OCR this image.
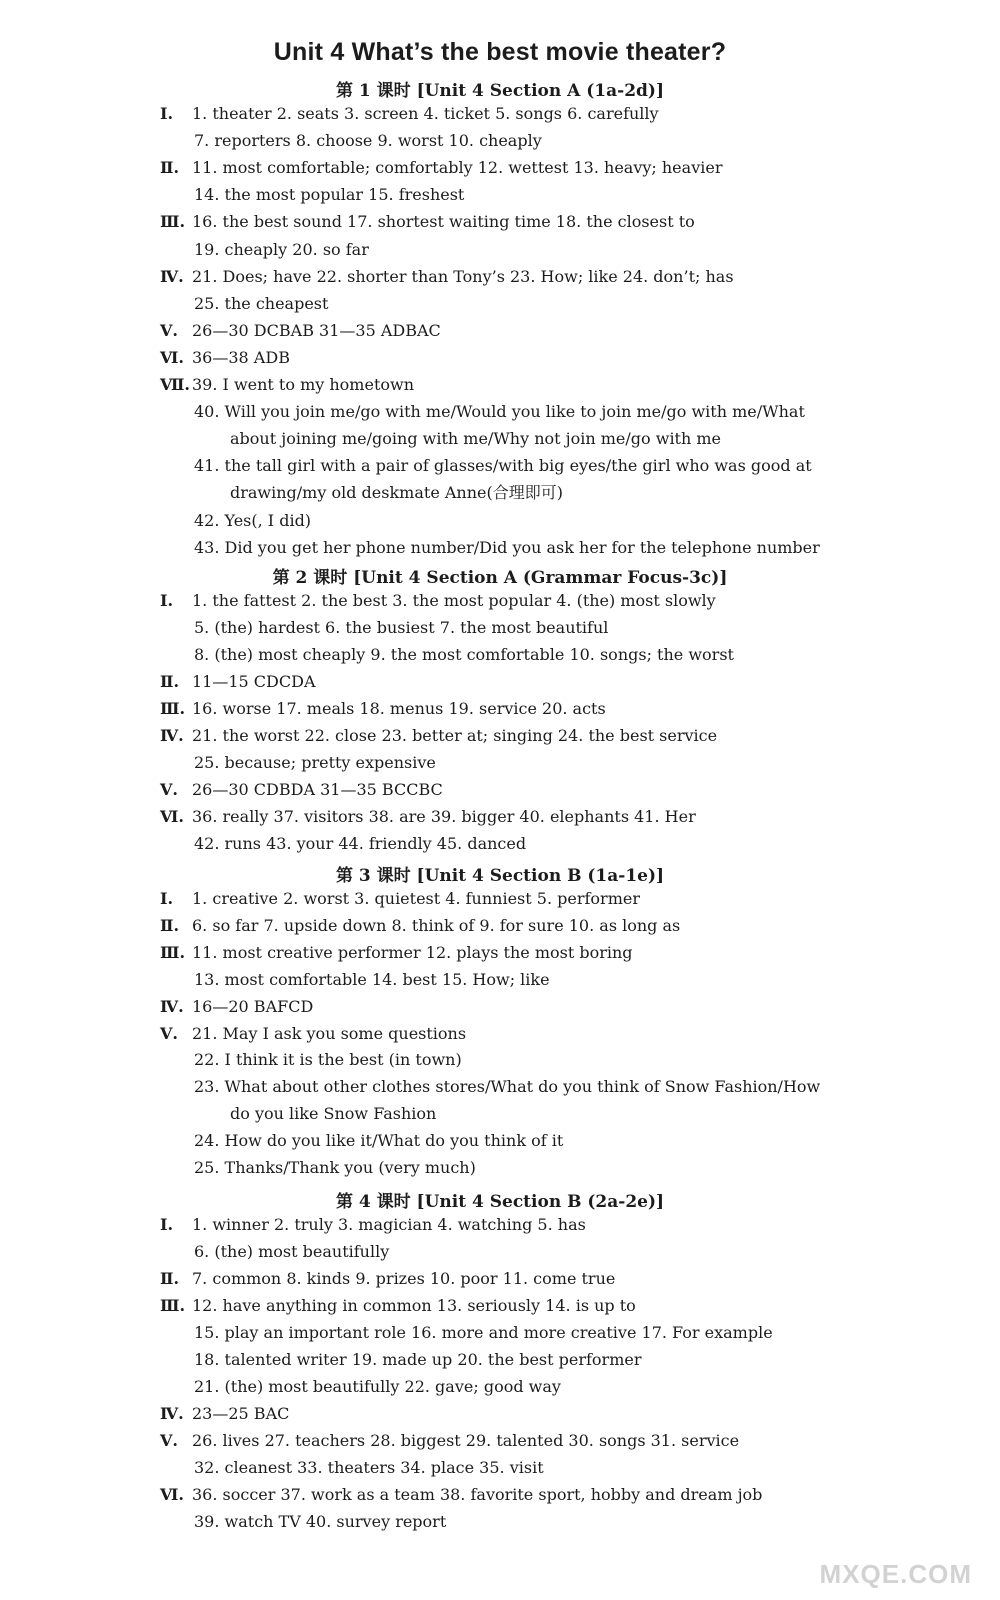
Unit 4 What’s the best movie theater?
第 1 课时 [Unit 4 Section A (1a-2d)]
Ⅰ.	1. theater 2. seats 3. screen 4. ticket 5. songs 6. carefully
7. reporters 8. choose 9. worst 10. cheaply
Ⅱ. 11. most comfortable; comfortably 12. wettest 13. heavy; heavier
14. the most popular 15. freshest
Ⅲ. 16. the best sound 17. shortest waiting time 18. the closest to
19. cheaply 20. so far
Ⅳ. 21. Does; have 22. shorter than Tony’s 23. How; like 24. don’t; has
25. the cheapest
Ⅴ. 26—30 DCBAB 31—35 ADBAC
Ⅵ. 36—38 ADB
Ⅶ. 39. I went to my hometown
40. Will you join me/go with me/Would you like to join me/go with me/What
about joining me/going with me/Why not join me/go with me
41. the tall girl with a pair of glasses/with big eyes/the girl who was good at
drawing/my old deskmate Anne(合理即可)
42. Yes(, I did)
43. Did you get her phone number/Did you ask her for the telephone number
第 2 课时 [Unit 4 Section A (Grammar Focus-3c)]
Ⅰ.	1. the fattest 2. the best 3. the most popular 4. (the) most slowly
5. (the) hardest 6. the busiest 7. the most beautiful
8. (the) most cheaply 9. the most comfortable 10. songs; the worst
Ⅱ. 11—15 CDCDA
Ⅲ. 16. worse 17. meals 18. menus 19. service 20. acts
Ⅳ. 21. the worst 22. close 23. better at; singing 24. the best service
25. because; pretty expensive
Ⅴ. 26—30 CDBDA 31—35 BCCBC
Ⅵ. 36. really 37. visitors 38. are 39. bigger 40. elephants 41. Her
42. runs 43. your 44. friendly 45. danced
第 3 课时 [Unit 4 Section B (1a-1e)]
Ⅰ.	1. creative 2. worst 3. quietest 4. funniest 5. performer
Ⅱ. 6. so far 7. upside down 8. think of 9. for sure 10. as long as
Ⅲ. 11. most creative performer 12. plays the most boring
13. most comfortable 14. best 15. How; like
Ⅳ. 16—20 BAFCD
Ⅴ. 21. May I ask you some questions
22. I think it is the best (in town)
23. What about other clothes stores/What do you think of Snow Fashion/How
do you like Snow Fashion
24. How do you like it/What do you think of it
25. Thanks/Thank you (very much)
第 4 课时 [Unit 4 Section B (2a-2e)]
Ⅰ.	1. winner 2. truly 3. magician 4. watching 5. has
6. (the) most beautifully
Ⅱ. 7. common 8. kinds 9. prizes 10. poor 11. come true
Ⅲ. 12. have anything in common 13. seriously 14. is up to
15. play an important role 16. more and more creative 17. For example
18. talented writer 19. made up 20. the best performer
21. (the) most beautifully 22. gave; good way
Ⅳ. 23—25 BAC
Ⅴ. 26. lives 27. teachers 28. biggest 29. talented 30. songs 31. service
32. cleanest 33. theaters 34. place 35. visit
Ⅵ. 36. soccer 37. work as a team 38. favorite sport, hobby and dream job
39. watch TV 40. survey report
MXQE.COM
